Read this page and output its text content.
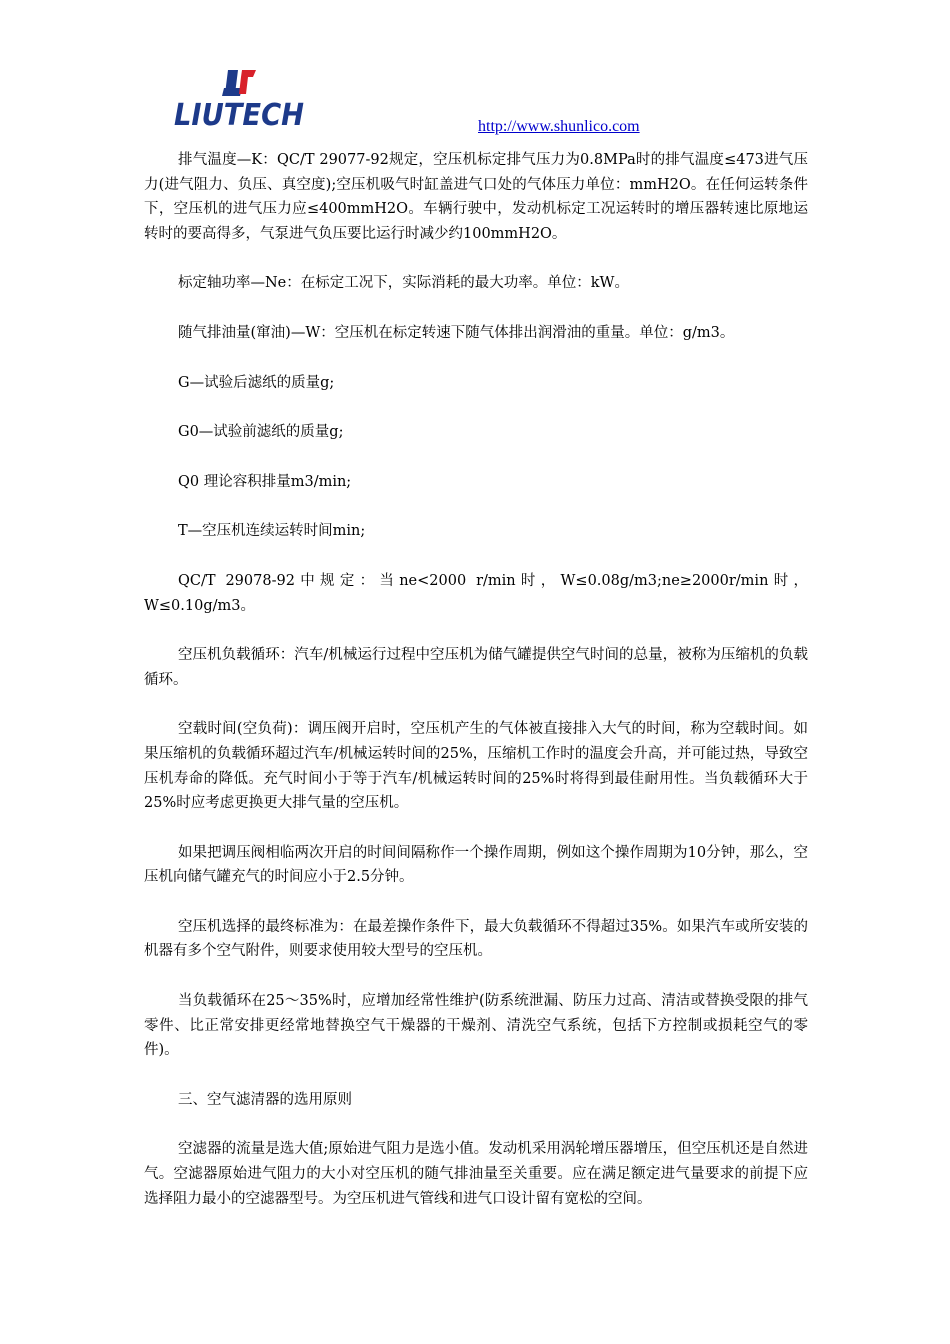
LIUTECH	http://www.shunlico.com

排气温度—K：QC/T 29077-92规定，空压机标定排气压力为0.8MPa时的排气温度≤473进气压力(进气阻力、负压、真空度);空压机吸气时缸盖进气口处的气体压力单位：mmH2O。在任何运转条件下，空压机的进气压力应≤400mmH2O。车辆行驶中，发动机标定工况运转时的增压器转速比原地运转时的要高得多，气泵进气负压要比运行时减少约100mmH2O。

标定轴功率—Ne：在标定工况下，实际消耗的最大功率。单位：kW。

随气排油量(窜油)—W：空压机在标定转速下随气体排出润滑油的重量。单位：g/m3。

G—试验后滤纸的质量g;

G0—试验前滤纸的质量g;

Q0 理论容积排量m3/min;

T—空压机连续运转时间min;

QC/T 29078-92中规定：当ne<2000 r/min时，W≤0.08g/m3;ne≥2000r/min时，W≤0.10g/m3。

空压机负载循环：汽车/机械运行过程中空压机为储气罐提供空气时间的总量，被称为压缩机的负载循环。

空载时间(空负荷)：调压阀开启时，空压机产生的气体被直接排入大气的时间，称为空载时间。如果压缩机的负载循环超过汽车/机械运转时间的25%，压缩机工作时的温度会升高，并可能过热，导致空压机寿命的降低。充气时间小于等于汽车/机械运转时间的25%时将得到最佳耐用性。当负载循环大于25%时应考虑更换更大排气量的空压机。

如果把调压阀相临两次开启的时间间隔称作一个操作周期，例如这个操作周期为10分钟，那么，空压机向储气罐充气的时间应小于2.5分钟。

空压机选择的最终标准为：在最差操作条件下，最大负载循环不得超过35%。如果汽车或所安装的机器有多个空气附件，则要求使用较大型号的空压机。

当负载循环在25～35%时，应增加经常性维护(防系统泄漏、防压力过高、清洁或替换受限的排气零件、比正常安排更经常地替换空气干燥器的干燥剂、清洗空气系统，包括下方控制或损耗空气的零件)。

三、空气滤清器的选用原则

空滤器的流量是选大值;原始进气阻力是选小值。发动机采用涡轮增压器增压，但空压机还是自然进气。空滤器原始进气阻力的大小对空压机的随气排油量至关重要。应在满足额定进气量要求的前提下应选择阻力最小的空滤器型号。为空压机进气管线和进气口设计留有宽松的空间。
